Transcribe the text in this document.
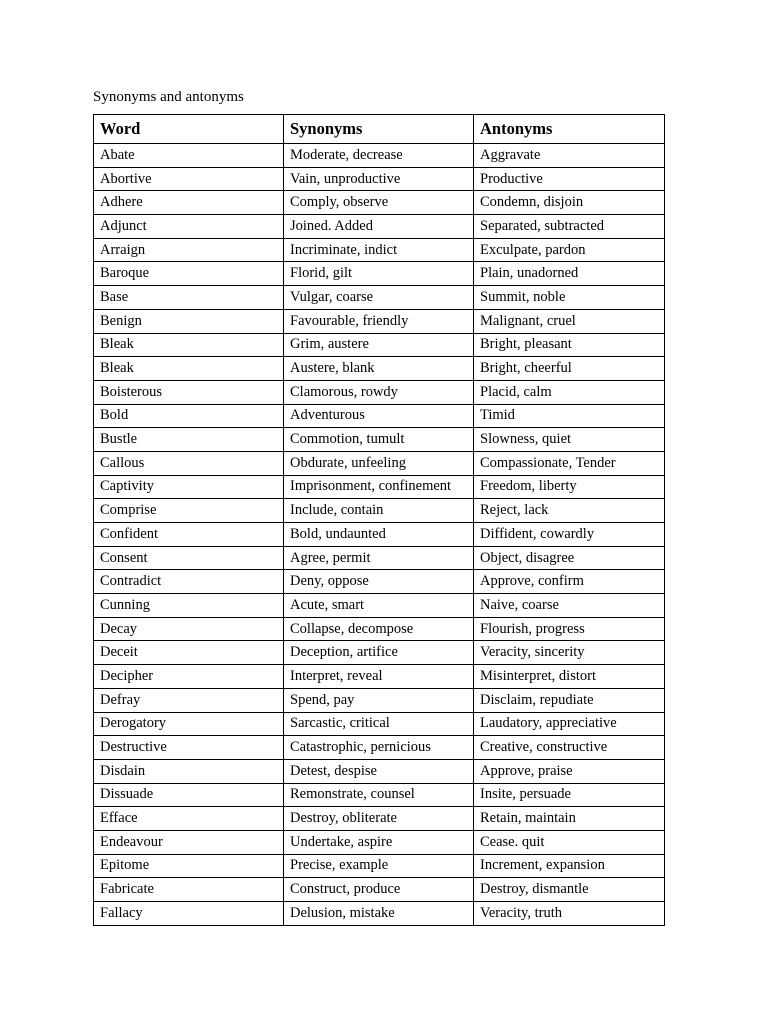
Synonyms and antonyms
Word	Synonyms	Antonyms
Abate	Moderate, decrease	Aggravate
Abortive	Vain, unproductive	Productive
Adhere	Comply, observe	Condemn, disjoin
Adjunct	Joined. Added	Separated, subtracted
Arraign	Incriminate, indict	Exculpate, pardon
Baroque	Florid, gilt	Plain, unadorned
Base	Vulgar, coarse	Summit, noble
Benign	Favourable, friendly	Malignant, cruel
Bleak	Grim, austere	Bright, pleasant
Bleak	Austere, blank	Bright, cheerful
Boisterous	Clamorous, rowdy	Placid, calm
Bold	Adventurous	Timid
Bustle	Commotion, tumult	Slowness, quiet
Callous	Obdurate, unfeeling	Compassionate, Tender
Captivity	Imprisonment, confinement	Freedom, liberty
Comprise	Include, contain	Reject, lack
Confident	Bold, undaunted	Diffident, cowardly
Consent	Agree, permit	Object, disagree
Contradict	Deny, oppose	Approve, confirm
Cunning	Acute, smart	Naive, coarse
Decay	Collapse, decompose	Flourish, progress
Deceit	Deception, artifice	Veracity, sincerity
Decipher	Interpret, reveal	Misinterpret, distort
Defray	Spend, pay	Disclaim, repudiate
Derogatory	Sarcastic, critical	Laudatory, appreciative
Destructive	Catastrophic, pernicious	Creative, constructive
Disdain	Detest, despise	Approve, praise
Dissuade	Remonstrate, counsel	Insite, persuade
Efface	Destroy, obliterate	Retain, maintain
Endeavour	Undertake, aspire	Cease. quit
Epitome	Precise, example	Increment, expansion
Fabricate	Construct, produce	Destroy, dismantle
Fallacy	Delusion, mistake	Veracity, truth
